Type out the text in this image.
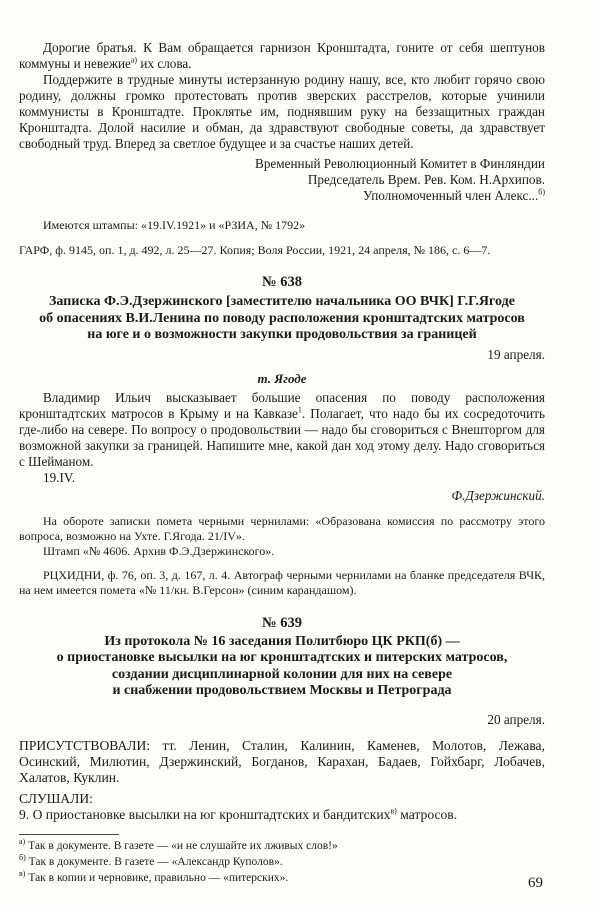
Дорогие братья. К Вам обращается гарнизон Кронштадта, гоните от себя шептунов коммуны и невежие$^{а)}$ их слова.

Поддержите в трудные минуты истерзанную родину нашу, все, кто любит горячо свою родину, должны громко протестовать против зверских расстрелов, которые учинили коммунисты в Кронштадте. Проклятье им, поднявшим руку на беззащитных граждан Кронштадта. Долой насилие и обман, да здравствуют свободные советы, да здравствует свободный труд. Вперед за светлое будущее и за счастье наших детей.

Временный Революционный Комитет в Финляндии

Председатель Врем. Рев. Ком. Н.Архипов.

Уполномоченный член Алекс...$^{б)}$

Имеются штампы: «19.IV.1921» и «РЗИА, № 1792»

ГАРФ, ф. 9145, оп. 1, д. 492, л. 25—27. Копия; Воля России, 1921, 24 апреля, № 186, с. 6—7.

№ 638

Записка Ф.Э.Дзержинского [заместителю начальника ОО ВЧК] Г.Г.Ягоде
об опасениях В.И.Ленина по поводу расположения кронштадтских матросов
на юге и о возможности закупки продовольствия за границей

19 апреля.

т. Ягоде

Владимир Ильич высказывает большие опасения по поводу расположения кронштадтских матросов в Крыму и на Кавказе$^1$. Полагает, что надо бы их сосредоточить где-либо на севере. По вопросу о продовольствии — надо бы сговориться с Внешторгом для возможной закупки за границей. Напишите мне, какой дан ход этому делу. Надо сговориться с Шейманом.

19.IV.

Ф.Дзержинский.

На обороте записки помета черными чернилами: «Образована комиссия по рассмотру этого вопроса, возможно на Ухте. Г.Ягода. 21/IV».

Штамп «№ 4606. Архив Ф.Э.Дзержинского».

РЦХИДНИ, ф. 76, оп. 3, д. 167, л. 4. Автограф черными чернилами на бланке председателя ВЧК, на нем имеется помета «№ 11/кн. В.Герсон» (синим карандашом).

№ 639

Из протокола № 16 заседания Политбюро ЦК РКП(б) —
о приостановке высылки на юг кронштадтских и питерских матросов,
создании дисциплинарной колонии для них на севере
и снабжении продовольствием Москвы и Петрограда

20 апреля.

ПРИСУТСТВОВАЛИ: тт. Ленин, Сталин, Калинин, Каменев, Молотов, Лежава, Осинский, Милютин, Дзержинский, Богданов, Карахан, Бадаев, Гойхбарг, Лобачев, Халатов, Куклин.

СЛУШАЛИ:

9. О приостановке высылки на юг кронштадтских и бандитских$^{в)}$ матросов.

$^{а)}$ Так в документе. В газете — «и не слушайте их лживых слов!»

$^{б)}$ Так в документе. В газете — «Александр Куполов».

$^{в)}$ Так в копии и черновике, правильно — «питерских».	69
